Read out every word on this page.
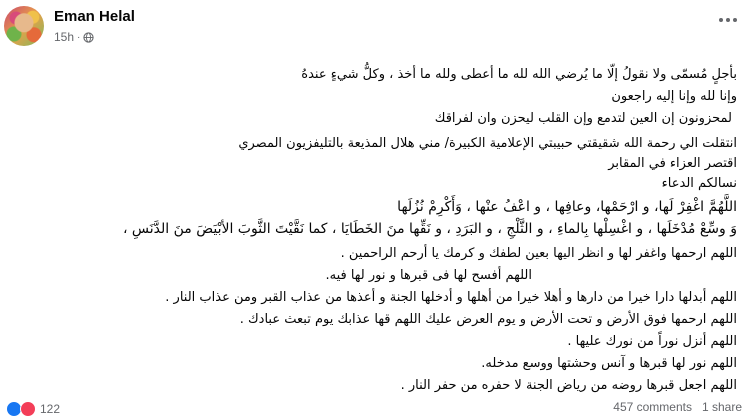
Eman Helal
15h ·
بأجلٍ مُسمّى ولا نقولُ إلّا ما يُرضي الله لله ما أعطى ولله ما أخذ ، وكلُّ شيءٍ عندهُ
وإنا لله وإنا إليه راجعون
لمحزونون إن العين لتدمع وإن القلب ليحزن وان لفراقك
انتقلت الي رحمة الله شقيقتي حبيبتي الإعلامية الكبيرة/ مني هلال المذيعة بالتليفزيون المصري
اقتصر العزاء في المقابر
نسالكم الدعاء
اللَّهُمَّ اغْفِرْ لَها، و ارْحَمْها، وعافِها ، و اعْفُ عنْها ، وَأَكْرِمْ نُزُلَها
وَ وسِّعْ مُدْخَلَها ، و اغْسِلْها بِالماءِ ، و الثَّلْجِ ، و البَرَدِ ، و نَقِّها منَ الخَطَايَا ، كما نَقَّيْتَ الثَّوبَ الأبْيَضَ منَ الدَّنَسِ ،
اللهم ارحمها واغفر لها و انظر اليها بعين لطفك و كرمك يا أرحم الراحمين .
اللهم أفسح لها فى قبرها و نور لها فيه.
اللهم أبدلها دارا خيرا من دارها و أهلا خيرا من أهلها و أدخلها الجنة و أعذها من عذاب القبر ومن عذاب النار .
اللهم ارحمها فوق الأرض و تحت الأرض و يوم العرض عليك اللهم قها عذابك يوم تبعث عبادك .
اللهم أنزل نوراً من نورك عليها .
اللهم نور لها قبرها و آنس وحشتها ووسع مدخله.
اللهم اجعل قبرها روضه من رياض الجنة لا حفره من حفر النار .
122	457 comments 1 share
